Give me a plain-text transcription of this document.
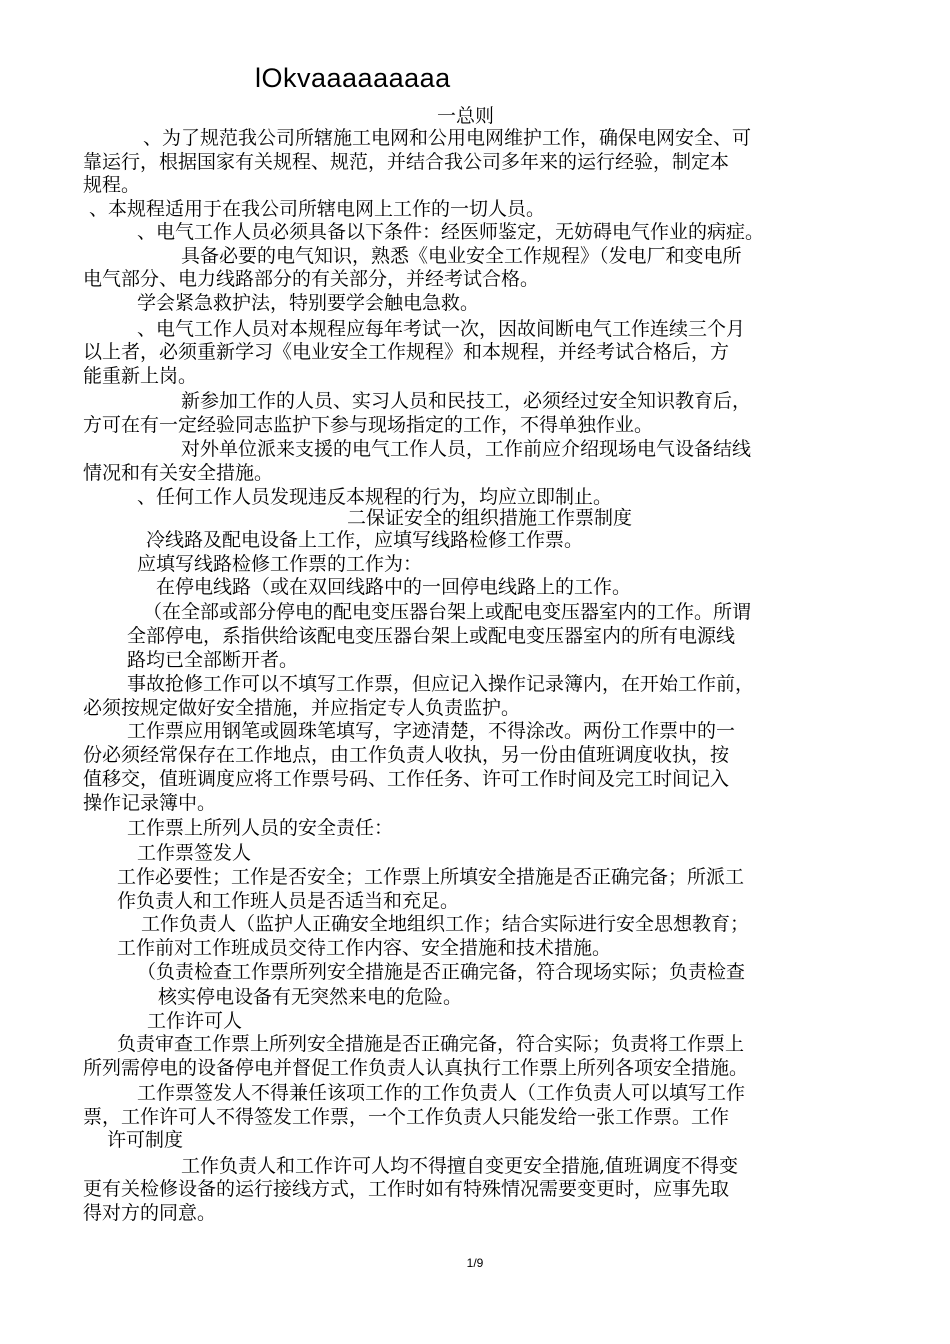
lOkvaaaaaaaaa
一总则
、为了规范我公司所辖施工电网和公用电网维护工作，确保电网安全、可
靠运行，根据国家有关规程、规范，并结合我公司多年来的运行经验，制定本
规程。
、本规程适用于在我公司所辖电网上工作的一切人员。
、电气工作人员必须具备以下条件：经医师鉴定，无妨碍电气作业的病症。
具备必要的电气知识，熟悉《电业安全工作规程》（发电厂和变电所
电气部分、电力线路部分的有关部分，并经考试合格。
学会紧急救护法，特别要学会触电急救。
、电气工作人员对本规程应每年考试一次，因故间断电气工作连续三个月
以上者，必须重新学习《电业安全工作规程》和本规程，并经考试合格后，方
能重新上岗。
新参加工作的人员、实习人员和民技工，必须经过安全知识教育后，
方可在有一定经验同志监护下参与现场指定的工作，不得单独作业。
对外单位派来支援的电气工作人员，工作前应介绍现场电气设备结线
情况和有关安全措施。
、任何工作人员发现违反本规程的行为，均应立即制止。
二保证安全的组织措施工作票制度
冷线路及配电设备上工作，应填写线路检修工作票。
应填写线路检修工作票的工作为：
在停电线路（或在双回线路中的一回停电线路上的工作。
（在全部或部分停电的配电变压器台架上或配电变压器室内的工作。所谓
全部停电，系指供给该配电变压器台架上或配电变压器室内的所有电源线
路均已全部断开者。
事故抢修工作可以不填写工作票，但应记入操作记录簿内，在开始工作前，
必须按规定做好安全措施，并应指定专人负责监护。
工作票应用钢笔或圆珠笔填写，字迹清楚，不得涂改。两份工作票中的一
份必须经常保存在工作地点，由工作负责人收执，另一份由值班调度收执，按
值移交，值班调度应将工作票号码、工作任务、许可工作时间及完工时间记入
操作记录簿中。
工作票上所列人员的安全责任：
工作票签发人
工作必要性；工作是否安全；工作票上所填安全措施是否正确完备；所派工
作负责人和工作班人员是否适当和充足。
工作负责人（监护人正确安全地组织工作；结合实际进行安全思想教育；
工作前对工作班成员交待工作内容、安全措施和技术措施。
（负责检查工作票所列安全措施是否正确完备，符合现场实际；负责检查
核实停电设备有无突然来电的危险。
工作许可人
负责审查工作票上所列安全措施是否正确完备，符合实际；负责将工作票上
所列需停电的设备停电并督促工作负责人认真执行工作票上所列各项安全措施。
工作票签发人不得兼任该项工作的工作负责人（工作负责人可以填写工作
票，工作许可人不得签发工作票，一个工作负责人只能发给一张工作票。工作
许可制度
工作负责人和工作许可人均不得擅自变更安全措施,值班调度不得变
更有关检修设备的运行接线方式，工作时如有特殊情况需要变更时，应事先取
得对方的同意。
1/9
